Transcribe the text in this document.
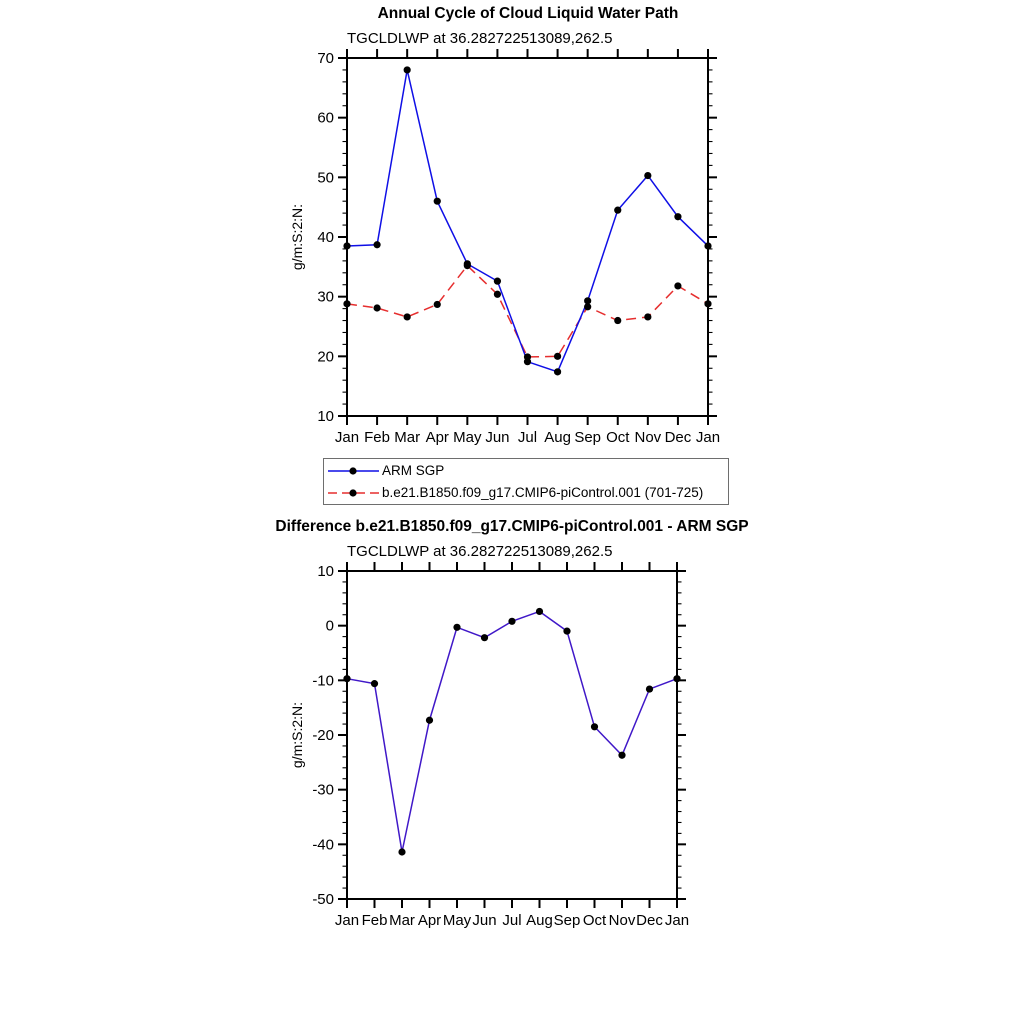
10
20
30
40
50
60
70
Jan Feb Mar Apr May Jun Jul Aug Sep Oct Nov Dec Jan
g/m:S:2:N:
-50
-40
-30
-20
-10
0
10
Jan Feb Mar Apr May Jun Jul Aug Sep Oct Nov Dec Jan
g/m:S:2:N:
Annual Cycle of Cloud Liquid Water Path
TGCLDLWP at 36.282722513089,262.5
ARM SGP
b.e21.B1850.f09_g17.CMIP6-piControl.001 (701-725)
Difference b.e21.B1850.f09_g17.CMIP6-piControl.001 - ARM SGP
TGCLDLWP at 36.282722513089,262.5
